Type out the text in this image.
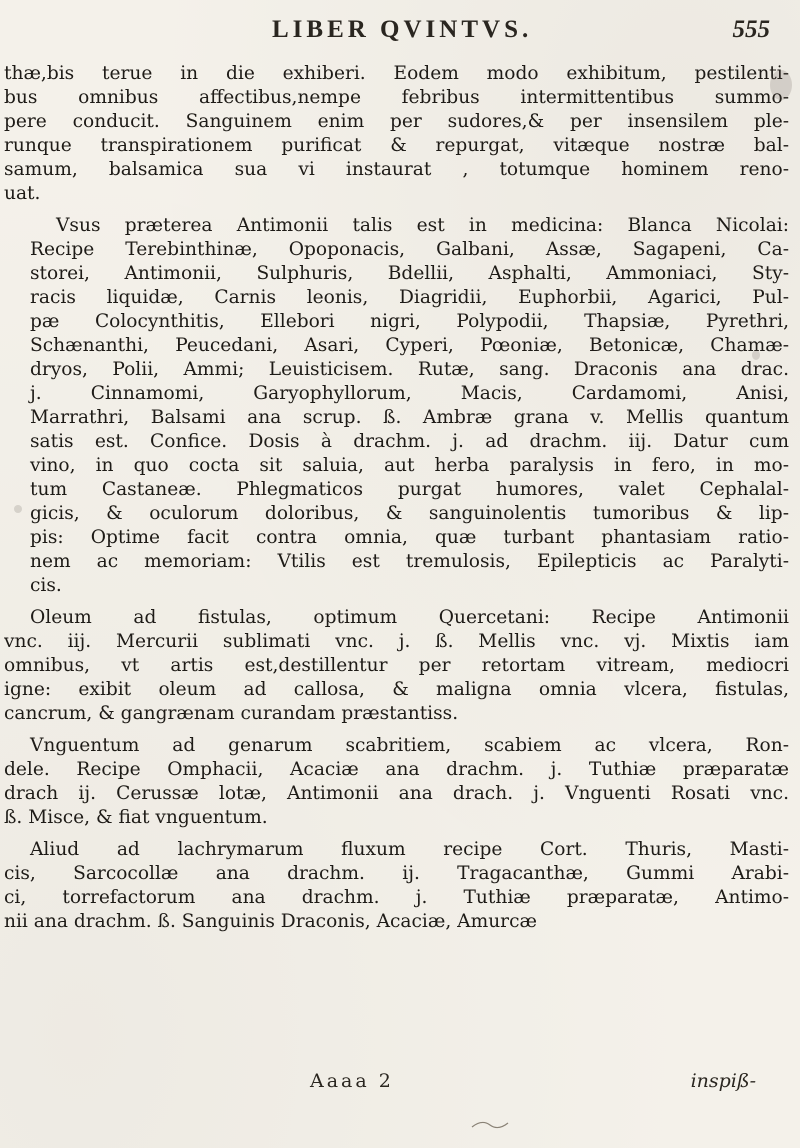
LIBER QVINTVS.	555

thæ,bis terue in die exhiberi. Eodem modo exhibitum, pestilenti-
bus omnibus affectibus,nempe febribus intermittentibus summo-
pere conducit. Sanguinem enim per sudores,& per insensilem ple-
runque transpirationem purificat & repurgat, vitæque nostræ bal-
samum, balsamica sua vi instaurat , totumque hominem reno-
uat.

Vsus præterea Antimonii talis est in medicina: Blanca Nicolai:
Recipe Terebinthinæ, Opoponacis, Galbani, Assæ, Sagapeni, Ca-
storei, Antimonii, Sulphuris, Bdellii, Asphalti, Ammoniaci, Sty-
racis liquidæ, Carnis leonis, Diagridii, Euphorbii, Agarici, Pul-
pæ Colocynthitis, Ellebori nigri, Polypodii, Thapsiæ, Pyrethri,
Schænanthi, Peucedani, Asari, Cyperi, Pœoniæ, Betonicæ, Chamæ-
dryos, Polii, Ammi; Leuisticisem. Rutæ, sang. Draconis ana drac.
j. Cinnamomi, Garyophyllorum, Macis, Cardamomi, Anisi,
Marrathri, Balsami ana scrup. ß. Ambræ grana v. Mellis quantum
satis est. Confice. Dosis à drachm. j. ad drachm. iij. Datur cum
vino, in quo cocta sit saluia, aut herba paralysis in fero, in mo-
tum Castaneæ. Phlegmaticos purgat humores, valet Cephalal-
gicis, & oculorum doloribus, & sanguinolentis tumoribus & lip-
pis: Optime facit contra omnia, quæ turbant phantasiam ratio-
nem ac memoriam: Vtilis est tremulosis, Epilepticis ac Paralyti-
cis.

Oleum ad fistulas, optimum Quercetani: Recipe Antimonii
vnc. iij. Mercurii sublimati vnc. j. ß. Mellis vnc. vj. Mixtis iam
omnibus, vt artis est,destillentur per retortam vitream, mediocri
igne: exibit oleum ad callosa, & maligna omnia vlcera, fistulas,
cancrum, & gangrænam curandam præstantiss.

Vnguentum ad genarum scabritiem, scabiem ac vlcera, Ron-
dele. Recipe Omphacii, Acaciæ ana drachm. j. Tuthiæ præparatæ
drach ij. Cerussæ lotæ, Antimonii ana drach. j. Vnguenti Rosati vnc.
ß. Misce, & fiat vnguentum.

Aliud ad lachrymarum fluxum recipe Cort. Thuris, Masti-
cis, Sarcocollæ ana drachm. ij. Tragacanthæ, Gummi Arabi-
ci, torrefactorum ana drachm. j. Tuthiæ præparatæ, Antimo-
nii ana drachm. ß. Sanguinis Draconis, Acaciæ, Amurcæ

Aaaa 2	inspiß-
